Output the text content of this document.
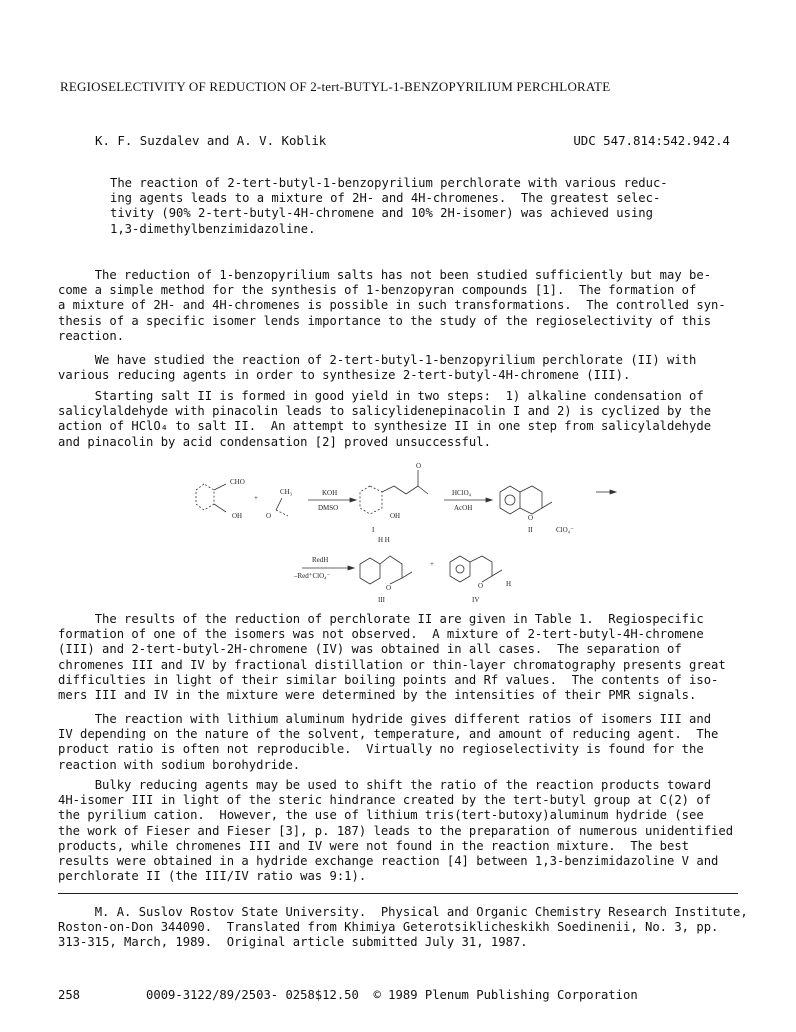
REGIOSELECTIVITY OF REDUCTION OF 2-tert-BUTYL-1-BENZOPYRILIUM PERCHLORATE
K. F. Suzdalev and A. V. Koblik	UDC 547.814:542.942.4
The reaction of 2-tert-butyl-1-benzopyrilium perchlorate with various reduc-
ing agents leads to a mixture of 2H- and 4H-chromenes.  The greatest selec-
tivity (90% 2-tert-butyl-4H-chromene and 10% 2H-isomer) was achieved using
1,3-dimethylbenzimidazoline.
The reduction of 1-benzopyrilium salts has not been studied sufficiently but may be-
come a simple method for the synthesis of 1-benzopyran compounds [1].  The formation of
a mixture of 2H- and 4H-chromenes is possible in such transformations.  The controlled syn-
thesis of a specific isomer lends importance to the study of the regioselectivity of this
reaction.
We have studied the reaction of 2-tert-butyl-1-benzopyrilium perchlorate (II) with
various reducing agents in order to synthesize 2-tert-butyl-4H-chromene (III).
Starting salt II is formed in good yield in two steps:  1) alkaline condensation of
salicylaldehyde with pinacolin leads to salicylidenepinacolin I and 2) is cyclized by the
action of HClO₄ to salt II.  An attempt to synthesize II in one step from salicylaldehyde
and pinacolin by acid condensation [2] proved unsuccessful.
CHO
OH
+
CH₃
O
KOH
DMSO
O
OH
I
HClO₄
AcOH
O
II	ClO₄⁻
RedH
–Red⁺ClO₄⁻
H H
O
III
+
O	H
IV
The results of the reduction of perchlorate II are given in Table 1.  Regiospecific
formation of one of the isomers was not observed.  A mixture of 2-tert-butyl-4H-chromene
(III) and 2-tert-butyl-2H-chromene (IV) was obtained in all cases.  The separation of
chromenes III and IV by fractional distillation or thin-layer chromatography presents great
difficulties in light of their similar boiling points and Rf values.  The contents of iso-
mers III and IV in the mixture were determined by the intensities of their PMR signals.
The reaction with lithium aluminum hydride gives different ratios of isomers III and
IV depending on the nature of the solvent, temperature, and amount of reducing agent.  The
product ratio is often not reproducible.  Virtually no regioselectivity is found for the
reaction with sodium borohydride.
Bulky reducing agents may be used to shift the ratio of the reaction products toward
4H-isomer III in light of the steric hindrance created by the tert-butyl group at C(2) of
the pyrilium cation.  However, the use of lithium tris(tert-butoxy)aluminum hydride (see
the work of Fieser and Fieser [3], p. 187) leads to the preparation of numerous unidentified
products, while chromenes III and IV were not found in the reaction mixture.  The best
results were obtained in a hydride exchange reaction [4] between 1,3-benzimidazoline V and
perchlorate II (the III/IV ratio was 9:1).
M. A. Suslov Rostov State University.  Physical and Organic Chemistry Research Institute,
Roston-on-Don 344090.  Translated from Khimiya Geterotsiklicheskikh Soedinenii, No. 3, pp.
313-315, March, 1989.  Original article submitted July 31, 1987.
258         0009-3122/89/2503- 0258$12.50  © 1989 Plenum Publishing Corporation
